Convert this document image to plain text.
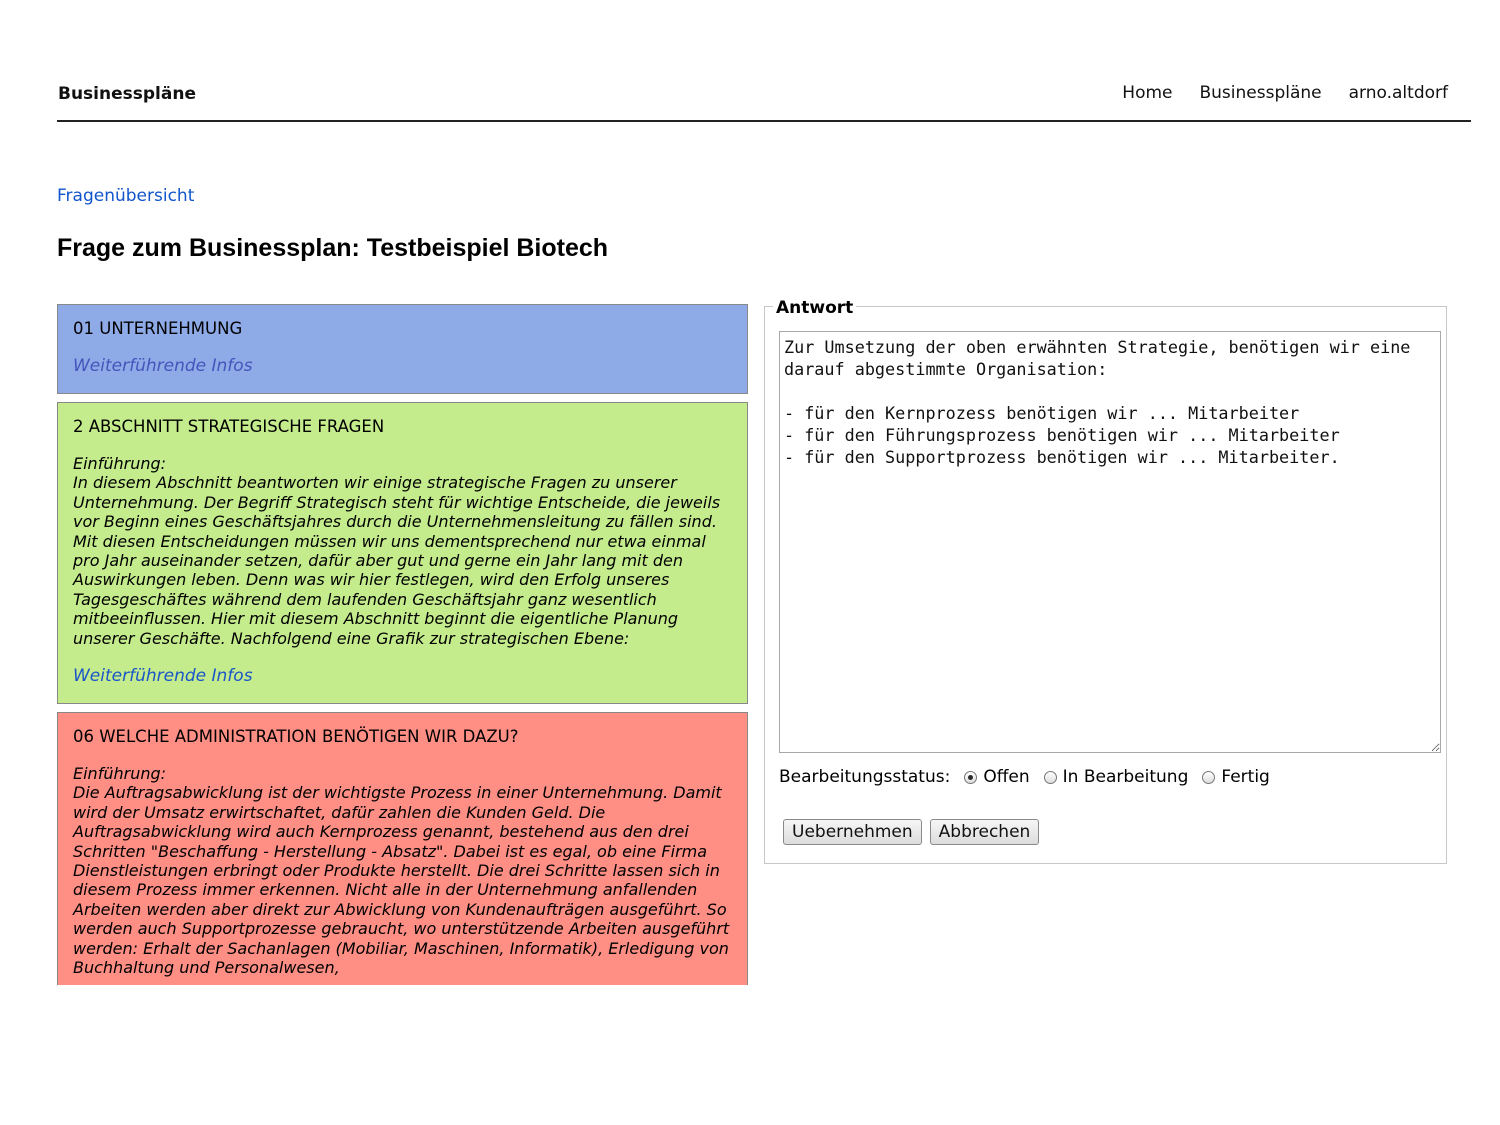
Businesspläne	Home Businesspläne arno.altdorf
Fragenübersicht
Frage zum Businessplan: Testbeispiel Biotech
01 UNTERNEHMUNG
Weiterführende Infos
2 ABSCHNITT STRATEGISCHE FRAGEN
Einführung:
In diesem Abschnitt beantworten wir einige strategische Fragen zu unserer Unternehmung. Der Begriff Strategisch steht für wichtige Entscheide, die jeweils vor Beginn eines Geschäftsjahres durch die Unternehmensleitung zu fällen sind. Mit diesen Entscheidungen müssen wir uns dementsprechend nur etwa einmal pro Jahr auseinander setzen, dafür aber gut und gerne ein Jahr lang mit den Auswirkungen leben. Denn was wir hier festlegen, wird den Erfolg unseres Tagesgeschäftes während dem laufenden Geschäftsjahr ganz wesentlich mitbeeinflussen. Hier mit diesem Abschnitt beginnt die eigentliche Planung unserer Geschäfte. Nachfolgend eine Grafik zur strategischen Ebene:
Weiterführende Infos
06 WELCHE ADMINISTRATION BENÖTIGEN WIR DAZU?
Einführung:
Die Auftragsabwicklung ist der wichtigste Prozess in einer Unternehmung. Damit wird der Umsatz erwirtschaftet, dafür zahlen die Kunden Geld. Die Auftragsabwicklung wird auch Kernprozess genannt, bestehend aus den drei Schritten "Beschaffung - Herstellung - Absatz". Dabei ist es egal, ob eine Firma Dienstleistungen erbringt oder Produkte herstellt. Die drei Schritte lassen sich in diesem Prozess immer erkennen. Nicht alle in der Unternehmung anfallenden Arbeiten werden aber direkt zur Abwicklung von Kundenaufträgen ausgeführt. So werden auch Supportprozesse gebraucht, wo unterstützende Arbeiten ausgeführt werden: Erhalt der Sachanlagen (Mobiliar, Maschinen, Informatik), Erledigung von Buchhaltung und Personalwesen,
Antwort
Zur Umsetzung der oben erwähnten Strategie, benötigen wir eine darauf abgestimmte Organisation: - für den Kernprozess benötigen wir ... Mitarbeiter - für den Führungsprozess benötigen wir ... Mitarbeiter - für den Supportprozess benötigen wir ... Mitarbeiter.
Bearbeitungsstatus: Offen In Bearbeitung Fertig
Uebernehmen	Abbrechen
